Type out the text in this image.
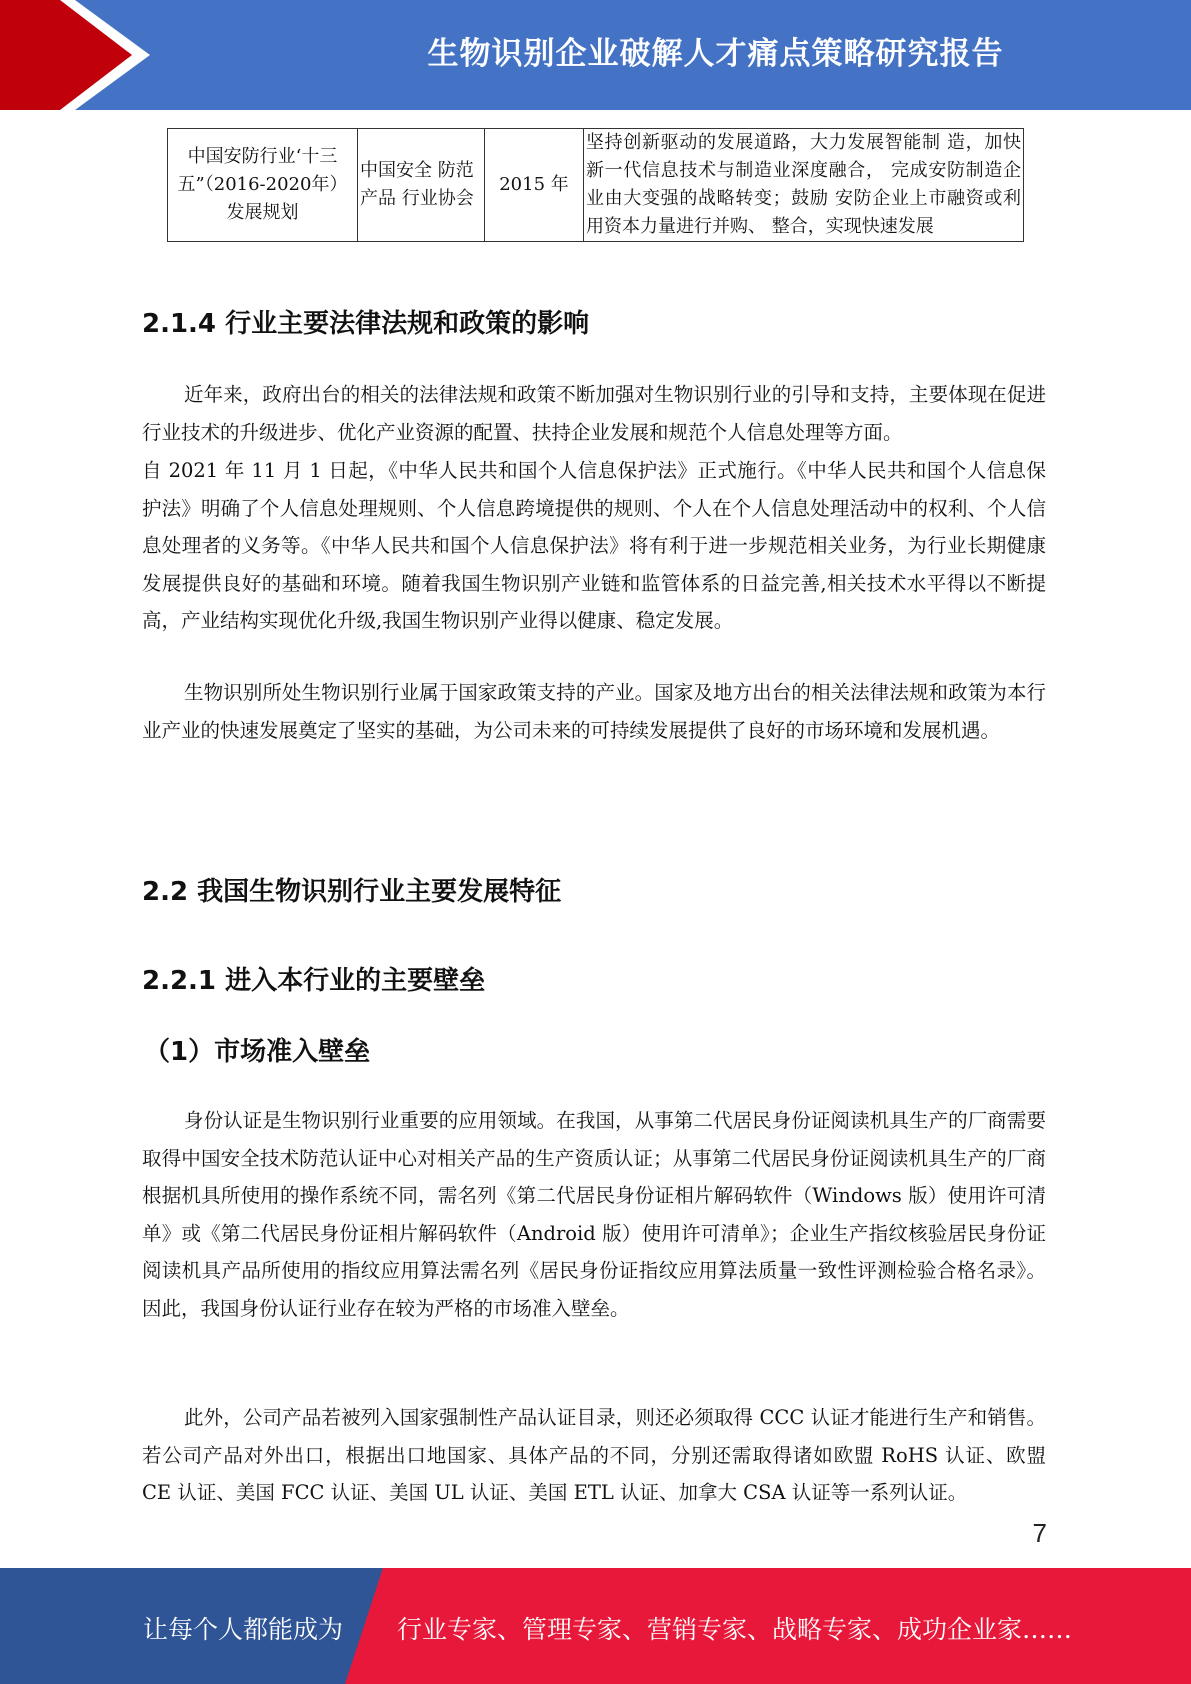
生物识别企业破解人才痛点策略研究报告
中国安防行业‘十三五”（2016-2020年）发展规划	中国安全 防范产品 行业协会	2015 年	坚持创新驱动的发展道路，大力发展智能制 造，加快新一代信息技术与制造业深度融合， 完成安防制造企业由大变强的战略转变；鼓励 安防企业上市融资或利用资本力量进行并购、 整合，实现快速发展
2.1.4 行业主要法律法规和政策的影响

近年来，政府出台的相关的法律法规和政策不断加强对生物识别行业的引导和支持，主要体现在促进行业技术的升级进步、优化产业资源的配置、扶持企业发展和规范个人信息处理等方面。

自 2021 年 11 月 1 日起，《中华人民共和国个人信息保护法》正式施行。《中华人民共和国个人信息保护法》明确了个人信息处理规则、个人信息跨境提供的规则、个人在个人信息处理活动中的权利、个人信息处理者的义务等。《中华人民共和国个人信息保护法》将有利于进一步规范相关业务，为行业长期健康发展提供良好的基础和环境。随着我国生物识别产业链和监管体系的日益完善,相关技术水平得以不断提高，产业结构实现优化升级,我国生物识别产业得以健康、稳定发展。

生物识别所处生物识别行业属于国家政策支持的产业。国家及地方出台的相关法律法规和政策为本行业产业的快速发展奠定了坚实的基础，为公司未来的可持续发展提供了良好的市场环境和发展机遇。

2.2 我国生物识别行业主要发展特征
2.2.1 进入本行业的主要壁垒
（1）市场准入壁垒

身份认证是生物识别行业重要的应用领域。在我国，从事第二代居民身份证阅读机具生产的厂商需要取得中国安全技术防范认证中心对相关产品的生产资质认证；从事第二代居民身份证阅读机具生产的厂商根据机具所使用的操作系统不同，需名列《第二代居民身份证相片解码软件（Windows 版）使用许可清单》或《第二代居民身份证相片解码软件（Android 版）使用许可清单》；企业生产指纹核验居民身份证阅读机具产品所使用的指纹应用算法需名列《居民身份证指纹应用算法质量一致性评测检验合格名录》。因此，我国身份认证行业存在较为严格的市场准入壁垒。

此外，公司产品若被列入国家强制性产品认证目录，则还必须取得 CCC 认证才能进行生产和销售。若公司产品对外出口，根据出口地国家、具体产品的不同，分别还需取得诸如欧盟 RoHS 认证、欧盟 CE 认证、美国 FCC 认证、美国 UL 认证、美国 ETL 认证、加拿大 CSA 认证等一系列认证。

7
让每个人都能成为 行业专家、管理专家、营销专家、战略专家、成功企业家……
